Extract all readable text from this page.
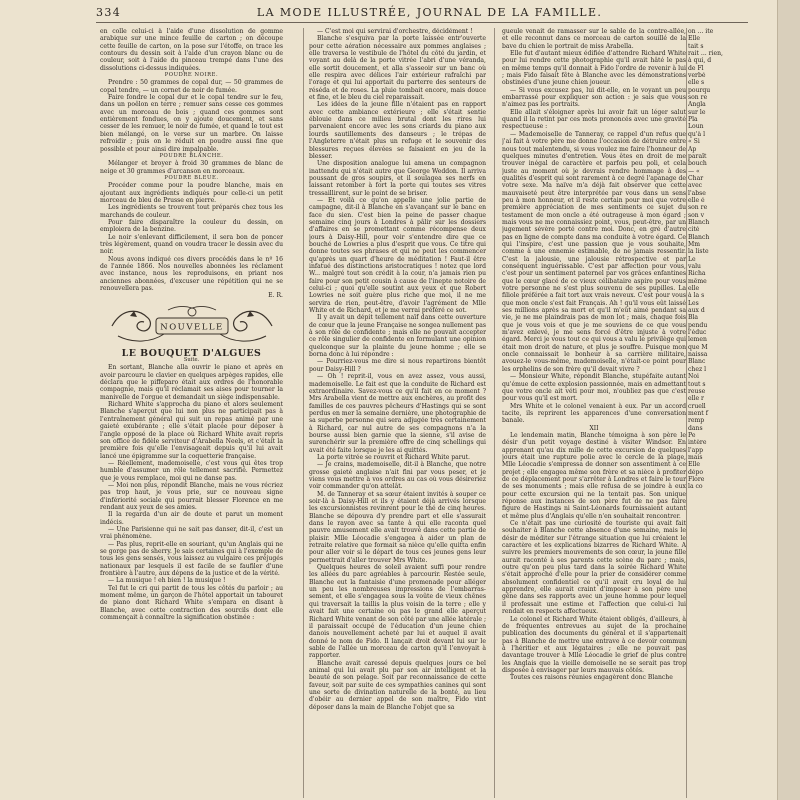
334	LA MODE ILLUSTRÉE, JOURNAL DE LA FAMILLE.

en colle celui-ci à l'aide d'une dissolution de gomme arabique sur une mince feuille de carton ; on découpe cette feuille de carton, on la pose sur l'étoffe, on trace les contours du dessin soit à l'aide d'un crayon blanc ou de couleur, soit à l'aide du pinceau trempé dans l'une des dissolutions ci-dessus indiquées.

POUDRE NOIRE.

Prendre : 50 grammes de copal dur, — 50 grammes de copal tendre, — un cornet de noir de fumée.

Faire fondre le copal dur et le copal tendre sur le feu, dans un poêlon en terre ; remuer sans cesse ces gommes avec un morceau de bois ; quand ces gommes sont entièrement fondues, on y ajoute doucement, et sans cesser de les remuer, le noir de fumée, et quand le tout est bien mélangé, on le verse sur un marbre. On laisse refroidir ; puis on le réduit en poudre aussi fine que possible et pour ainsi dire impalpable.

POUDRE BLANCHE.

Mélanger et broyer à froid 30 grammes de blanc de neige et 30 grammes d'arcanson en morceaux.

POUDRE BLEUE.

Procéder comme pour la poudre blanche, mais en ajoutant aux ingrédients indiqués pour celle-ci un petit morceau de bleu de Prusse en pierre.

Les ingrédients se trouvent tout préparés chez tous les marchands de couleur.

Pour faire disparaître la couleur du dessin, on emploiera de la benzine.

Le noir s'enlevant difficilement, il sera bon de poncer très légèrement, quand on voudra tracer le dessin avec du noir.

Nous avons indiqué ces divers procédés dans le nº 16 de l'année 1866. Nos nouvelles abonnées les réclament avec instance, nous les reproduisons, en priant nos anciennes abonnées, d'excuser une répétition qui ne se renouvellera pas.

E. R.

NOUVELLE

LE BOUQUET D'ALGUES

Suite.

En sortant, Blanche alla ouvrir le piano et après en avoir parcouru le clavier en quelques arpèges rapides, elle déclara que le piffераro était aux ordres de l'honorable compagnie, mais qu'il réclamait ses aises pour tourner la manivelle de l'orgue et demandait un siège indispensable.

Richard White s'approcha du piano et alors seulement Blanche s'aperçut que lui non plus ne participait pas à l'entraînement général qui suit un repas animé par une gaieté exubérante ; elle s'était placée pour déposer à l'angle opposé de la place où Richard White avait repris son office de fidèle serviteur d'Arabella Neels, et c'était la première fois qu'elle l'envisageait depuis qu'il lui avait lancé une épigramme sur la coquetterie française.

— Réellement, mademoiselle, c'est vous qui êtes trop humble d'assumer un rôle tellement sacrifié. Permettez que je vous remplace, moi qui ne danse pas.

— Moi non plus, répondit Blanche, mais ne vous récriez pas trop haut, je vous prie, sur ce nouveau signe d'infériorité sociale qui pourrait blesser Florence en me rendant aux yeux de ses amies.

Il la regarda d'un air de doute et parut un moment indécis.

— Une Parisienne qui ne sait pas danser, dit-il, c'est un vrai phénomène.

— Pas plus, reprit-elle en souriant, qu'un Anglais qui ne se gorge pas de sherry. Je sais certaines qui à l'exemple de tous les gens sensés, vous laissez au vulgaire ces préjugés nationaux par lesquels il est facile de se faufiler d'une frontière à l'autre, aux dépens de la justice et de la vérité.

— La musique ! eh bien ! la musique !

Tel fut le cri qui partit de tous les côtés du parloir ; au moment même, un garçon de l'hôtel apportait un tabouret de piano dont Richard White s'empara en disant à Blanche, avec cette contraction des sourcils dont elle commençait à connaître la signification obstinée :

— C'est moi qui servirai d'orchestre, décidément !

Blanche s'esquiva par la porte laissée entr'ouverte pour cette aération nécessaire aux pommes anglaises ; elle traversa le vestibule de l'hôtel du côté du jardin, et voyant au delà de la porte vitrée l'abri d'une véranda, elle sortit doucement, et alla s'asseoir sur un banc où elle respira avec délices l'air extérieur rafraîchi par l'orage et qui lui apportait du parterre des senteurs de réséda et de roses. La pluie tombait encore, mais douce et fine, et le bleu du ciel reparaissait.

Les idées de la jeune fille n'étaient pas en rapport avec cette ambiance extérieure ; elle s'était sentie éblouie dans ce milieu brutal dont les rires lui parvenaient encore avec les sons criards du piano aux lourds sautillements des danseurs ; le trépas de l'Angleterre n'était plus un refuge et le souvenir des blessures reçues élevées se faisaient en jeu de la blesser.

Une disposition analogue lui amena un compagnon inattendu qui n'était autre que George Weddon. Il arriva poussant de gros soupirs, et il soulagea ses nerfs en laissant retomber à fort la porte qui toutes ses vitres tressaillirent, sur le point de se briser.

— Et voilà ce qu'on appelle une jolie partie de campagne, dit-il à Blanche en s'avançant sur le banc en face du sien. C'est bien la peine de passer chaque semaine cinq jours à Londres à pâlir sur les dossiers d'affaires en se promettant comme récompense deux jours à Daisy-Hill, pour voir s'entendre dire que ce bouché de Lowries a plus d'esprit que vous. Ce titre qui donne toutes ses phrases et qui ne peut les commencer qu'après un quart d'heure de méditation ! Faut-il être infatué des distinctions aristocratiques ! notez que lord W... malgré tout son crédit à la cour, n'a jamais rien pu faire pour son petit cousin à cause de l'inepte notoire de celui-ci ; quoi qu'elle soutint aux yeux et que Robert Lowries ne soit guère plus riche que moi, il ne me servira de rien, peut-être, d'avoir l'agrément de Mlle White et de Richard, et je me verrai préféré ce sot.

Il y avait un dépit tellement naïf dans cette ouverture de cœur que la jeune Française ne songea nullement pas à son rôle de confidente ; mais elle ne pouvait accepter ce rôle singulier de confidente en formulant une opinion quelconque sur la plainte du jeune homme ; elle se borna donc à lui répondre :

— Pourriez-vous me dire si nous repartirons bientôt pour Daisy-Hill ?

— Oh ! reprit-il, vous en avez assez, vous aussi, mademoiselle. Le fait est que la conduite de Richard est extraordinaire. Savez-vous ce qu'il fait en ce moment ? Mrs Arabella vient de mettre aux enchères, au profit des familles de ces pauvres pêcheurs d'Hastings qui se sont perdus en mer la semaine dernière, une photographie de sa superbe personne qui sera adjugée très certainement à Richard, car nul autre de ses compagnons n'a la bourse aussi bien garnie que la sienne, s'il avise de surenchérir sur la première offre de cinq schellings qui avait été faite lorsque je les ai quittés.

La porte vitrée se rouvrit et Richard White parut.

— Je crains, mademoiselle, dit-il à Blanche, que notre grosse gaieté anglaise n'ait fini par vous peser, et je viens vous mettre à vos ordres au cas où vous désireriez voir commander qu'on attelât.

M. de Tanneray et sa sœur étaient invités à souper ce soir-là à Daisy-Hill et ils y étaient déjà arrivés lorsque les excursionnistes revinrent pour le thé de cinq heures. Blanche se dépouva d'y prendre part et elle s'assurait dans le rayon avec sa tante à qui elle raconta quel pauvre amusement elle avait trouvé dans cette partie de plaisir. Mlle Léocadie s'engagea à aider un plan de retraite relative que formait sa nièce qu'elle quitta enfin pour aller voir si le départ de tous ces jeunes gens leur permettrait d'aller trouver Mrs White.

Quelques heures de soleil avaient suffi pour rendre les allées du parc agréables à parcourir. Restée seule, Blanche eut la fantaisie d'une promenade pour alléger un peu les nombreuses impressions de l'embarras-sement, et elle s'engagea sous la voûte de vieux chênes qui traversait la taillis la plus voisin de la terre ; elle y avait fait une certaine où pas le grand elle aperçut Richard White venant de son côté par une allée latérale ; il paraissait occupé de l'éducation d'un jeune chien danois nouvellement acheté par lui et auquel il avait donné le nom de Fido. Il lançait droit devant lui sur le sable de l'allée un morceau de carton qu'il l'envoyait à rapporter.

Blanche avait caressé depuis quelques jours ce bel animal qui lui avait plu par son air intelligent et la beauté de son pelage. Soit par reconnaissance de cette faveur, soit par suite de ces sympathies canines qui sont une sorte de divination naturelle de la bonté, au lieu d'obéir au dernier appel de son maître, Fido vint déposer dans la main de Blanche l'objet que sa

gueule venait de ramasser sur le sable de la contre-allée, et elle reconnut dans ce morceau de carton souillé de la bave du chien le portrait de miss Arabella.

Elle fut d'autant mieux édifiée d'attendre Richard White pour lui rendre cette photographie qu'il avait hâté le pas en même temps qu'il donnait à Fido l'ordre de revenir à lui ; mais Fido faisait fête à Blanche avec les démonstrations obstinées d'une jeune chien joueur.

— Si vous excusez pas, lui dit-elle, en le voyant un peu embarrassé pour expliquer son action : je sais que vous n'aimez pas les portraits.

Elle allait s'éloigner après lui avoir fait un léger salut quand il la retint par ces mots prononcés avec une gravité respectueuse :

— Mademoiselle de Tanneray, ce rappel d'un refus que j'ai fait à votre père me donne l'occasion de détruire entre nous tout malentendu, si vous voulez me faire l'honneur de quelques minutes d'entretien. Vous êtes en droit de me trouver inégal de caractère et parfois peu poli, et cela juste au moment où je devrais rendre hommage à des qualités d'esprit qui sont rarement à ce degré l'apanage de votre sexe. Ma naïve m'a déjà fait observer que cette mauvaiseté peut être interprétée par vous dans un sens peu à mon honneur, et il reste certain pour moi que votre première appréciation de mes sentiments ce sujet du testament de mon oncle a été outrageuse à mon égard ; mais vous ne me connaissiez point, vous, peut-être, par un jugement sévère porté contre moi. Donc, en gré d'autre pas en ligne de compte dans ma conduite à votre égard. Ce qui l'inspire, c'est une passion que je vous souhaite, comme à une ennemie estimable, de ne jamais ressentir. C'est la jalousie, une jalousie rétrospective et par conséquent inguérissable. C'est par affection pour vous, c'est pour un sentiment paternel par vos grâces enfantines que le cœur glacé de ce vieux célibataire aspire pour vous votre personne ne s'est plus souvenu de ses pupilles. La filiole préférée a fait tort aux vrais neveux. C'est pour vous que mon oncle s'est fait Français. Ah ! qu'il vous eût laissé ses millions après sa mort et qu'il m'eût aimé pendant sa vie, je ne me plaindrais pas de mon lot ; mais, chaque fois que je vous vois et que je me souviens de ce que vous m'avez enlevé, je me sens forcé d'être injuste à votre égard. Merci je vous tout ce qui vous a valu le privilège qui était mon droit de nature, et plus je souffre. Puisque mon oncle connaissait le bonheur à sa carrière militaire, avouez-le vous-même, mademoiselle, n'était-ce point pour les orphelins de son frère qu'il devait vivre ?

— Monsieur White, répondit Blanche, stupéfaite autant qu'émue de cette explosion passionnée, mais en admettant que votre oncle ait véti pour moi, n'oubliez pas que c'est pour vous qu'il est mort.

Mrs White et le colonel venaient à eux. Par un accord tacite, ils reprirent les apparences d'une conversation banale.

XII

Le lendemain matin, Blanche témoigna à son père le désir d'un petit voyage destiné à visiter Windsor. En apprenant qu'au dix mille de cette excursion de quelques jours était une rupture polie avec le cercle de la plage, Mlle Léocadie s'empressa de donner son assentiment à ce projet ; elle engagea même son frère et sa nièce à profiter de ce déplacement pour s'arrêter à Londres et faire le tour de ses monuments ; mais elle refusa de se joindre à eux pour cette excursion qui ne la tentait pas. Son unique réponse aux instances de son père fut de ne pas faire figure de Hastings ni Saint-Léonards fournissaient autant et même plus d'Anglais qu'elle n'en souhaitait rencontrer.

Ce n'était pas une curiosité de touriste qui avait fait souhaiter à Blanche cette absence d'une semaine, mais le désir de méditer sur l'étrange situation que lui créaient le caractère et les explications bizarres de Richard White. A suivre les premiers mouvements de son cœur, la jeune fille aurait raconté à ses parents cette scène du parc ; mais, outre qu'on peu plus tard dans la soirée Richard White s'était approché d'elle pour la prier de considérer comme absolument confidentiel ce qu'il avait cru loyal de lui apprendre, elle aurait craint d'imposer à son père une gêne dans ses rapports avec un jeune homme pour lequel il professait une estime et l'affection que celui-ci lui rendait en respects affectueux.

Le colonel et Richard White étaient obligés, d'ailleurs, à de fréquentes entrevues au sujet de la prochaine publication des documents du général et il s'appartenait pas à Blanche de mettre une entrave à ce devoir commun à l'héritier et aux légataires ; elle ne pouvait pas davantage trouver à Mlle Léocadie le grief de plus contre les Anglais que la vieille demoiselle ne se serait pas trop disposée à envisager par leurs mauvais côtés.

Toutes ces raisons réunies engagèrent donc Blanche

on ... ite

Elle

tait s

rait ... rien,

à qui, d

de Fl

verbé

elle s

pourqu

son re

Angla

sur le

Pla

Loun

qu'à l

« Si

Ap

paraît

bouch

— «

Char

avec

l'abse

elle é

son re

son v

Blanch

cité

Blanch

Mm

la liste

Le

valu

Richa

même

elle

à la s

Les

aux d

Bla

pendu

l'éduc

lemen

que M

naissa

Blanc

chez l

Noi

tout s

reuse

elle r

cruell

ment f

remp

dans

Pe

intère

l'app

mais

Elle

dépo

Flore

la co
